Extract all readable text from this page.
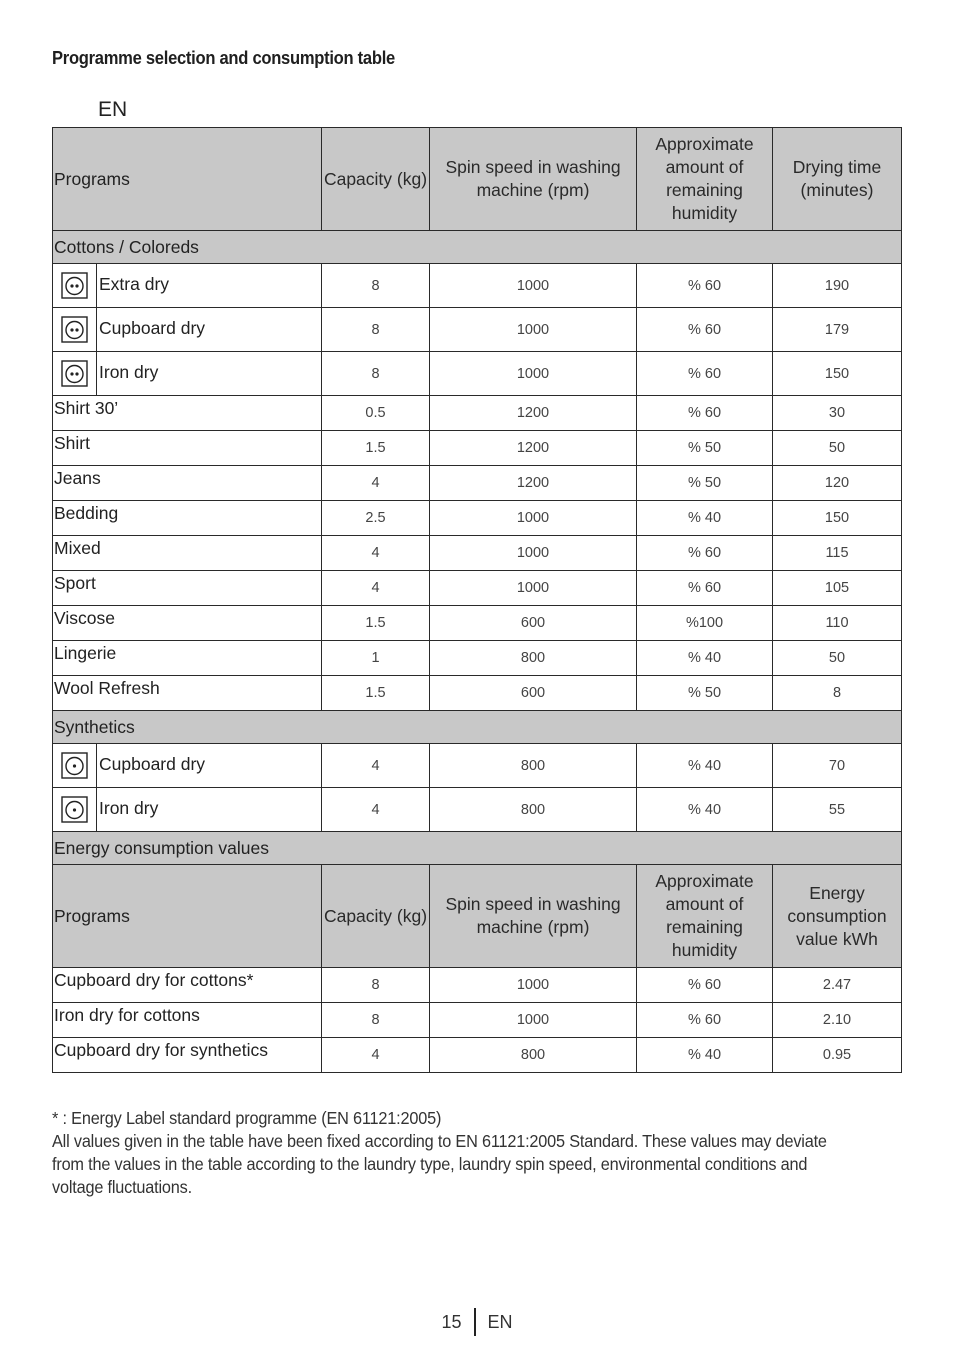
Programme selection and consumption table
EN
Programs	Capacity (kg)	Spin speed in washing machine (rpm)	Approximate amount of remaining humidity	Drying time (minutes)
Cottons / Coloreds				

Extra dry	8	1000	% 60	190

Cupboard dry	8	1000	% 60	179

Iron dry	8	1000	% 60	150
Shirt 30’	0.5	1200	% 60	30
Shirt	1.5	1200	% 50	50
Jeans	4	1200	% 50	120
Bedding	2.5	1000	% 40	150
Mixed	4	1000	% 60	115
Sport	4	1000	% 60	105
Viscose	1.5	600	%100	110
Lingerie	1	800	% 40	50
Wool Refresh	1.5	600	% 50	8
Synthetics				

Cupboard dry	4	800	% 40	70

Iron dry	4	800	% 40	55
Energy consumption values				
Programs	Capacity (kg)	Spin speed in washing machine (rpm)	Approximate amount of remaining humidity	Energy consumption value kWh
Cupboard dry for cottons*	8	1000	% 60	2.47
Iron dry for cottons	8	1000	% 60	2.10
Cupboard dry for synthetics	4	800	% 40	0.95

* : Energy Label standard programme (EN 61121:2005)

All values given in the table have been fixed according to EN 61121:2005 Standard. These values may deviate from the values in the table according to the laundry type, laundry spin speed, environmental conditions and voltage fluctuations.

15 EN
